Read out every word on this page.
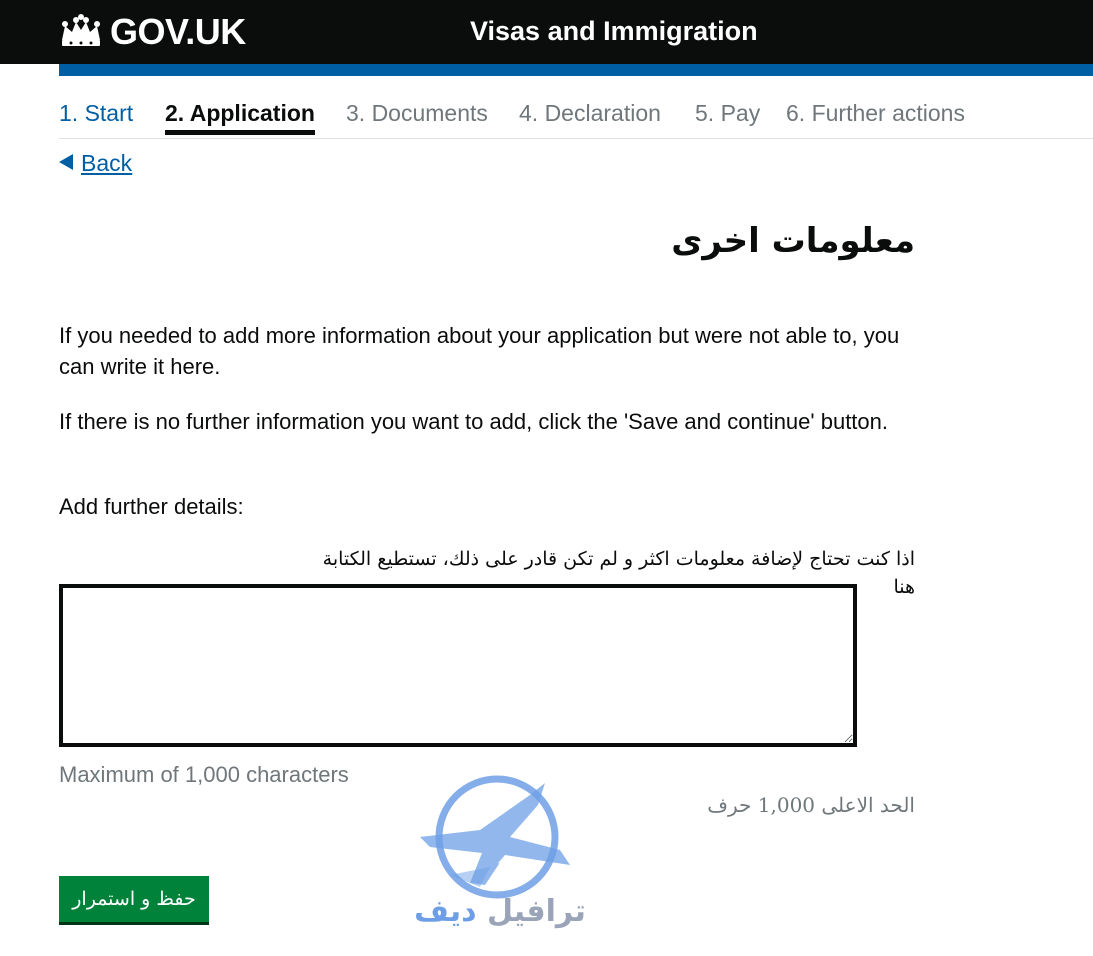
GOV.UK	Visas and Immigration
1. Start 2. Application 3. Documents 4. Declaration 5. Pay 6. Further actions
Back
معلومات اخرى

If you needed to add more information about your application but were not able to, you can write it here.

If there is no further information you want to add, click the 'Save and continue' button.

Add further details:

اذا كنت تحتاج لإضافة معلومات اكثر و لم تكن قادر على ذلك، تستطيع الكتابة هنا
Maximum of 1,000 characters
الحد الاعلى 1,000 حرف
ترافيل ديف
حفظ و استمرار
